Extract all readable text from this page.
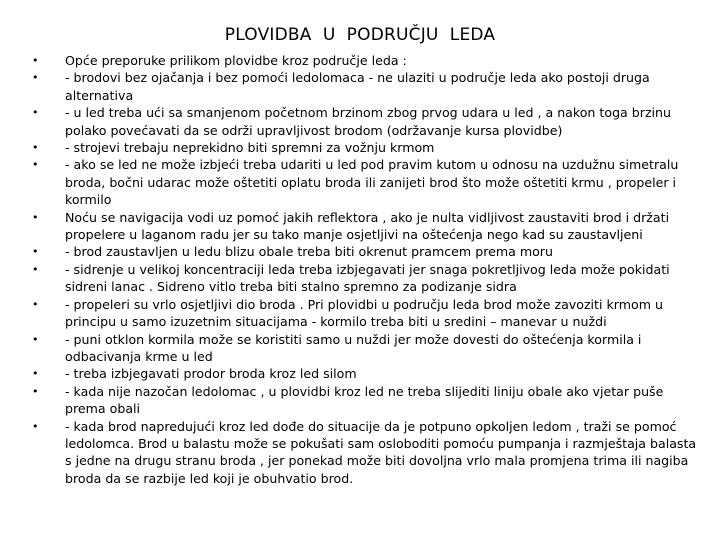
PLOVIDBA  U  PODRUČJU  LEDA
• Opće preporuke prilikom plovidbe kroz područje leda :
• - brodovi bez ojačanja i bez pomoći ledolomaca - ne ulaziti u područje leda ako postoji druga alternativa
• - u led treba ući sa smanjenom početnom brzinom zbog prvog udara u led , a nakon toga brzinu polako povećavati da se održi upravljivost brodom (održavanje kursa plovidbe)
• - strojevi trebaju neprekidno biti spremni za vožnju krmom
• - ako se led ne može izbjeći treba udariti u led pod pravim kutom u odnosu na uzdužnu simetralu broda, bočni udarac može oštetiti oplatu broda ili zanijeti brod što može oštetiti krmu , propeler i kormilo
• Noću se navigacija vodi uz pomoć jakih reflektora , ako je nulta vidljivost zaustaviti brod i držati propelere u laganom radu jer su tako manje osjetljivi na oštećenja nego kad su zaustavljeni
• - brod zaustavljen u ledu blizu obale treba biti okrenut pramcem prema moru
• - sidrenje u velikoj koncentraciji leda treba izbjegavati jer snaga pokretljivog leda može pokidati sidreni lanac . Sidreno vitlo treba biti stalno spremno za podizanje sidra
• - propeleri su vrlo osjetljivi dio broda . Pri plovidbi u području leda brod može zavoziti krmom u principu u samo izuzetnim situacijama - kormilo treba biti u sredini – manevar u nuždi
• - puni otklon kormila može se koristiti samo u nuždi jer može dovesti do oštećenja kormila i odbacivanja krme u led
• - treba izbjegavati prodor broda kroz led silom
• - kada nije nazočan ledolomac , u plovidbi kroz led ne treba slijediti liniju obale ako vjetar puše prema obali
• - kada brod napredujući kroz led dođe do situacije da je potpuno opkoljen ledom , traži se pomoć ledolomca. Brod u balastu može se pokušati sam osloboditi pomoću pumpanja i razmještaja balasta s jedne na drugu stranu broda , jer ponekad može biti dovoljna vrlo mala promjena trima ili nagiba broda da se razbije led koji je obuhvatio brod.
